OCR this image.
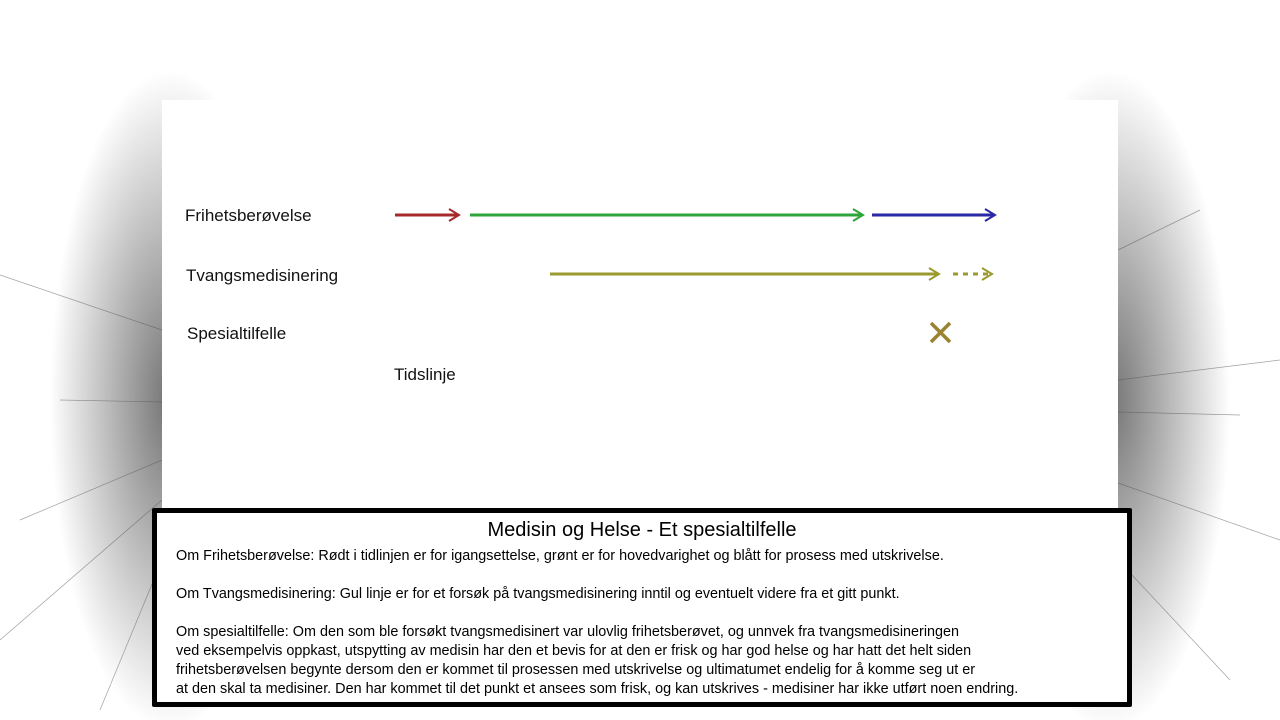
Frihetsberøvelse
Tvangsmedisinering
Spesialtilfelle
Tidslinje
Medisin og Helse - Et spesialtilfelle
Om Frihetsberøvelse: Rødt i tidlinjen er for igangsettelse, grønt er for hovedvarighet og blått for prosess med utskrivelse.
Om Tvangsmedisinering: Gul linje er for et forsøk på tvangsmedisinering inntil og eventuelt videre fra et gitt punkt.
Om spesialtilfelle: Om den som ble forsøkt tvangsmedisinert var ulovlig frihetsberøvet, og unnvek fra tvangsmedisineringen
ved eksempelvis oppkast, utspytting av medisin har den et bevis for at den er frisk og har god helse og har hatt det helt siden
frihetsberøvelsen begynte dersom den er kommet til prosessen med utskrivelse og ultimatumet endelig for å komme seg ut er
at den skal ta medisiner. Den har kommet til det punkt et ansees som frisk, og kan utskrives - medisiner har ikke utført noen endring.
